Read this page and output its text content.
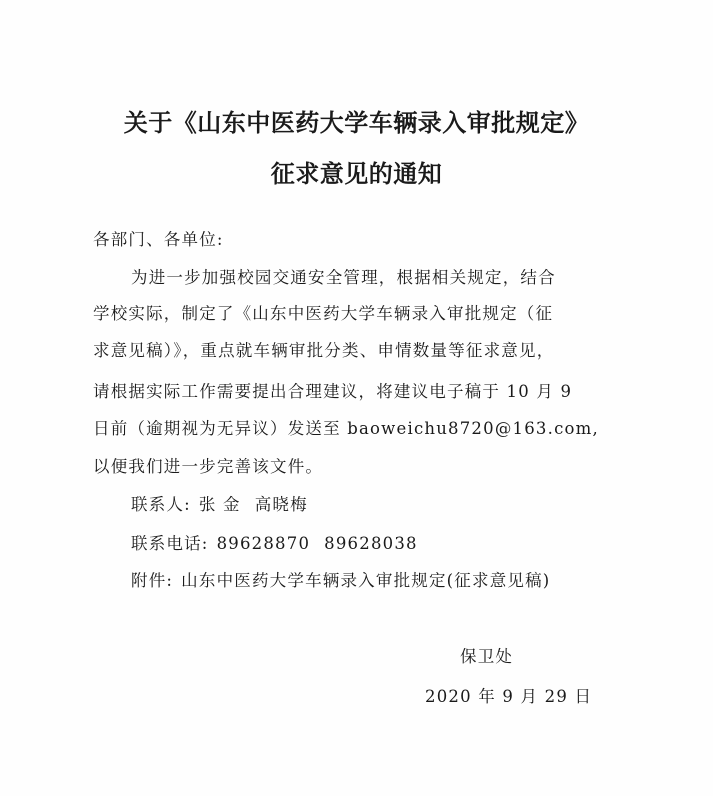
关于《山东中医药大学车辆录入审批规定》
征求意见的通知
各部门、各单位:
为进一步加强校园交通安全管理，根据相关规定，结合
学校实际，制定了《山东中医药大学车辆录入审批规定（征
求意见稿）》，重点就车辆审批分类、申情数量等征求意见，
请根据实际工作需要提出合理建议，将建议电子稿于 10 月 9
日前（逾期视为无异议）发送至 baoweichu8720@163.com,
以便我们进一步完善该文件。
联系人: 张 金 高晓梅
联系电话: 89628870 89628038
附件: 山东中医药大学车辆录入审批规定(征求意见稿)
保卫处
2020 年 9 月 29 日
